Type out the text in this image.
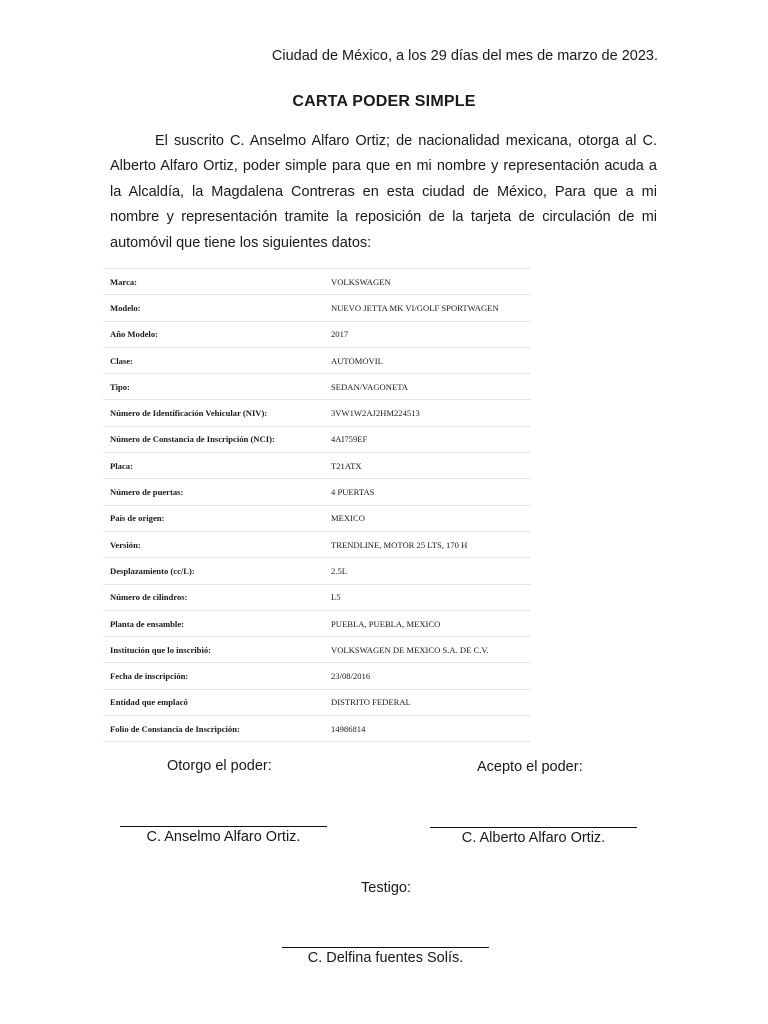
Ciudad de México, a los 29 días del mes de marzo de 2023.
CARTA PODER SIMPLE

El suscrito C. Anselmo Alfaro Ortiz; de nacionalidad mexicana, otorga al C. Alberto Alfaro Ortiz, poder simple para que en mi nombre y representación acuda a la Alcaldía, la Magdalena Contreras en esta ciudad de México, Para que a mi nombre y representación tramite la reposición de la tarjeta de circulación de mi automóvil que tiene los siguientes datos:

Marca:	VOLKSWAGEN
Modelo:	NUEVO JETTA MK VI/GOLF SPORTWAGEN
Año Modelo:	2017
Clase:	AUTOMOVIL
Tipo:	SEDAN/VAGONETA
Número de Identificación Vehicular (NIV):	3VW1W2AJ2HM224513
Número de Constancia de Inscripción (NCI):	4AI759EF
Placa:	T21ATX
Número de puertas:	4 PUERTAS
País de origen:	MEXICO
Versión:	TRENDLINE, MOTOR 25 LTS, 170 H
Desplazamiento (cc/L):	2.5L
Número de cilindros:	L5
Planta de ensamble:	PUEBLA, PUEBLA, MEXICO
Institución que lo inscribió:	VOLKSWAGEN DE MEXICO S.A. DE C.V.
Fecha de inscripción:	23/08/2016
Entidad que emplacó	DISTRITO FEDERAL
Folio de Constancia de Inscripción:	14986814
Otorgo el poder:	Acepto el poder:
C. Anselmo Alfaro Ortiz.	C. Alberto Alfaro Ortiz.
Testigo:
C. Delfina fuentes Solís.
